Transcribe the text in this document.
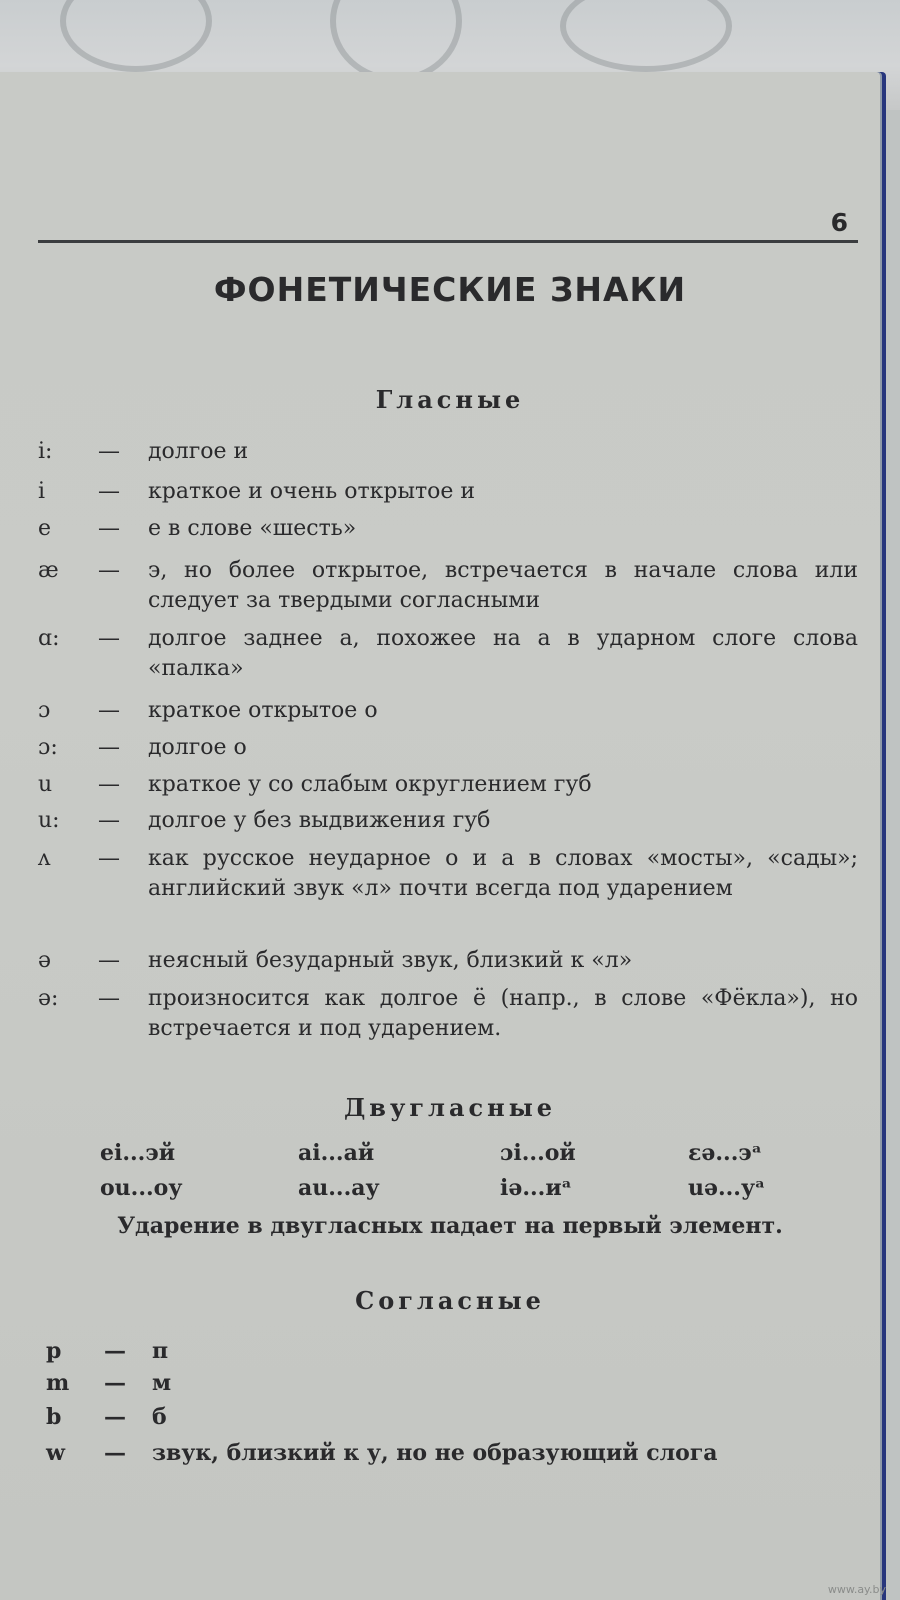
6
ФОНЕТИЧЕСКИЕ ЗНАКИ
Гласные
i: — долгое и
i — краткое и очень открытое и
e — е в слове «шесть»
æ — э, но более открытое, встречается в начале слова или следует за твердыми согласными
ɑ: — долгое заднее а, похожее на а в ударном слоге слова «палка»
ɔ — краткое открытое о
ɔ: — долгое о
u — краткое у со слабым округлением губ
u: — долгое у без выдвижения губ
ʌ — как русское неударное о и а в словах «мосты», «сады»; английский звук «л» почти всегда под ударением
ə — неясный безударный звук, близкий к «л»
ə: — произносится как долгое ё (напр., в слове «Фёкла»), но встречается и под ударением.
Двугласные
ei...эй	ai...ай	ɔi...ой	ɛə...эᵃ
ou...оу	au...ау	iə...иᵃ	uə...уᵃ
Ударение в двугласных падает на первый элемент.
Согласные
p — п
m — м
b — б
w — звук, близкий к у, но не образующий слога
www.ay.by
